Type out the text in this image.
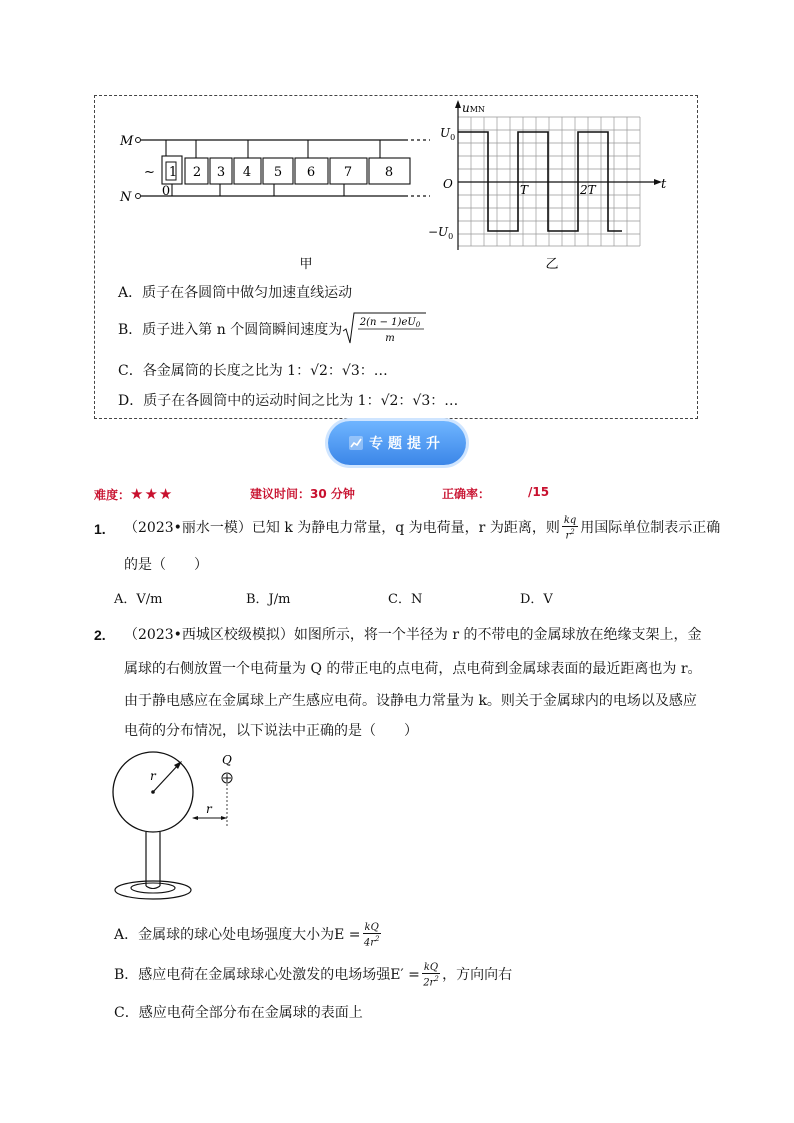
M
~
N
1 2 3 4 5 6 7	8
0
甲	乙
$u_{MN}$
t
O
$U_0$
$-U_0$
T	2T
A．质子在各圆筒中做匀加速直线运动
B．质子进入第 n 个圆筒瞬间速度为 $2(n - 1)eU_0$
m
C．各金属筒的长度之比为 1：√2：√3：…
D．质子在各圆筒中的运动时间之比为 1：√2：√3：…
专题提升
难度：★★★	建议时间：30 分钟	正确率：	/15
1. （2023•丽水一模）已知 k 为静电力常量，q 为电荷量，r 为距离，则 $\frac{kq}{r^2}$ 用国际单位制表示正确
的是（　　）
A．V/m	B．J/m	C．N	D．V
2. （2023•西城区校级模拟）如图所示，将一个半径为 r 的不带电的金属球放在绝缘支架上，金
属球的右侧放置一个电荷量为 Q 的带正电的点电荷，点电荷到金属球表面的最近距离也为 r。
由于静电感应在金属球上产生感应电荷。设静电力常量为 k。则关于金属球内的电场以及感应
电荷的分布情况，以下说法中正确的是（　　）
r
Q
r
A．金属球的球心处电场强度大小为$E = \frac{kQ}{4r^2}$
B．感应电荷在金属球球心处激发的电场场强$E' = \frac{kQ}{2r^2}$ ，方向向右
C．感应电荷全部分布在金属球的表面上
